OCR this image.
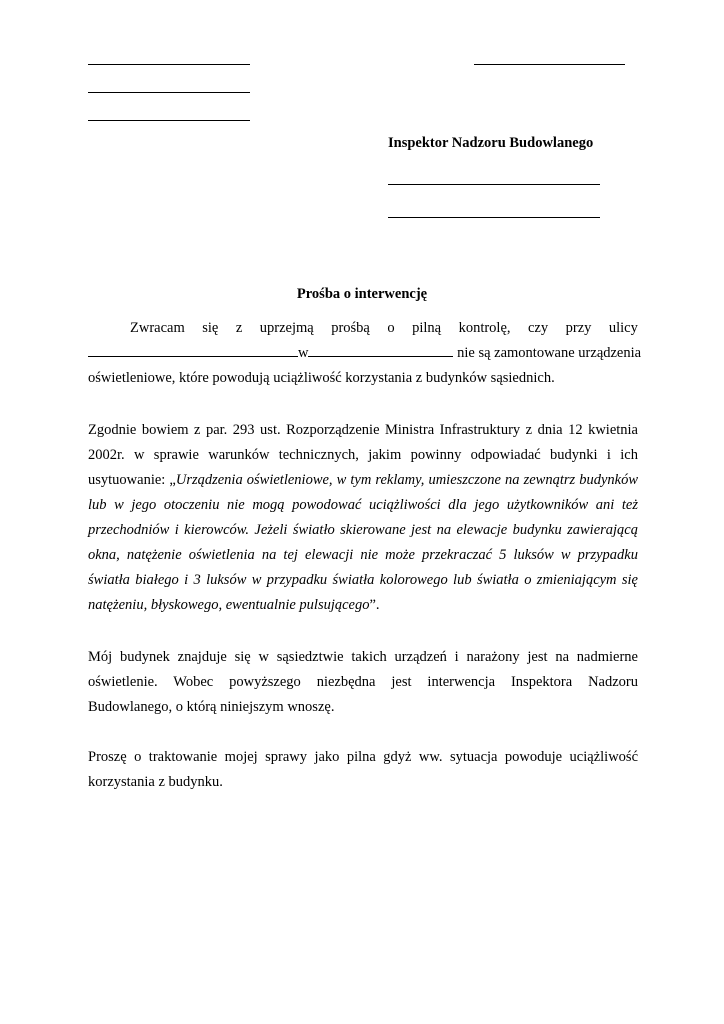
Inspektor Nadzoru Budowlanego
Prośba o interwencję
Zwracam się z uprzejmą prośbą o pilną kontrolę, czy przy ulicy
w	nie są zamontowane urządzenia
oświetleniowe, które powodują uciążliwość korzystania z budynków sąsiednich.
Zgodnie bowiem z par. 293 ust. Rozporządzenie Ministra Infrastruktury z dnia 12 kwietnia
2002r. w sprawie warunków technicznych, jakim powinny odpowiadać budynki i ich
usytuowanie: „Urządzenia oświetleniowe, w tym reklamy, umieszczone na zewnątrz budynków
lub w jego otoczeniu nie mogą powodować uciążliwości dla jego użytkowników ani też
przechodniów i kierowców. Jeżeli światło skierowane jest na elewacje budynku zawierającą
okna, natężenie oświetlenia na tej elewacji nie może przekraczać 5 luksów w przypadku
światła białego i 3 luksów w przypadku światła kolorowego lub światła o zmieniającym się
natężeniu, błyskowego, ewentualnie pulsującego”.
Mój budynek znajduje się w sąsiedztwie takich urządzeń i narażony jest na nadmierne
oświetlenie. Wobec powyższego niezbędna jest interwencja Inspektora Nadzoru
Budowlanego, o którą niniejszym wnoszę.
Proszę o traktowanie mojej sprawy jako pilna gdyż ww. sytuacja powoduje uciążliwość
korzystania z budynku.
